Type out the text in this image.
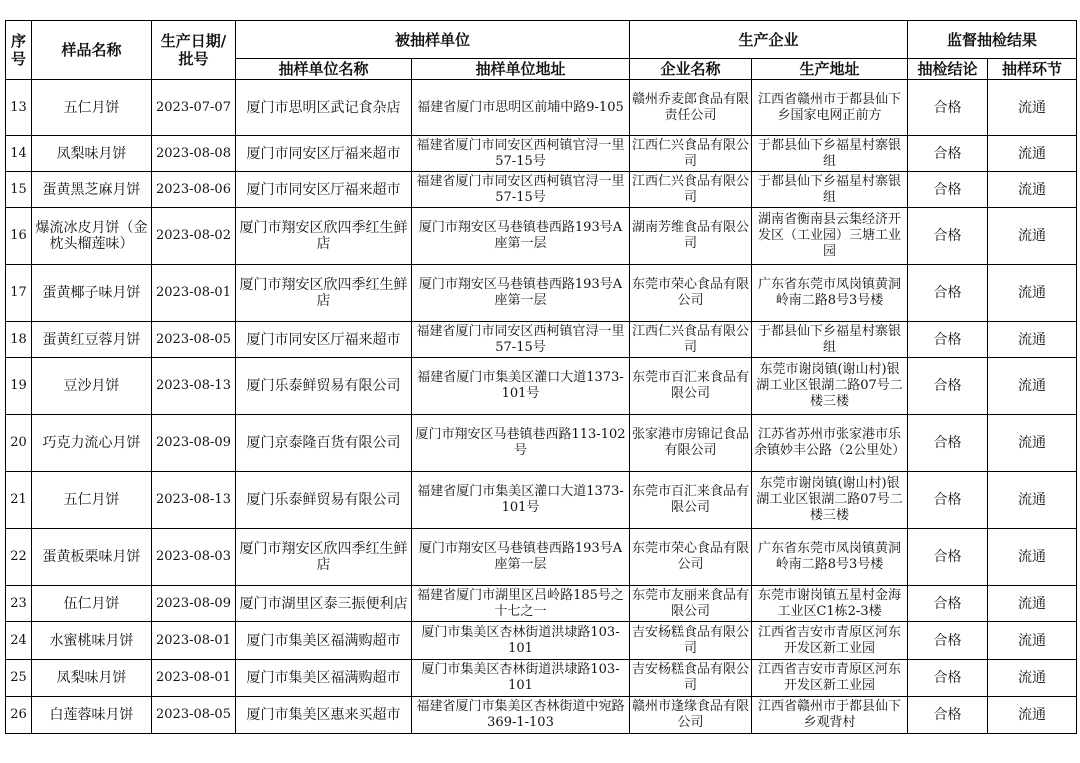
序号	样品名称	生产日期/批号	被抽样单位		生产企业		监督抽检结果	
			抽样单位名称	抽样单位地址	企业名称	生产地址	抽检结论	抽样环节
13	五仁月饼	2023-07-07	厦门市思明区武记食杂店	福建省厦门市思明区前埔中路9-105	赣州乔麦郎食品有限责任公司	江西省赣州市于都县仙下乡国家电网正前方	合格	流通
14	凤梨味月饼	2023-08-08	厦门市同安区厅福来超市	福建省厦门市同安区西柯镇官浔一里57-15号	江西仁兴食品有限公司	于都县仙下乡福星村寨银组	合格	流通
15	蛋黄黑芝麻月饼	2023-08-06	厦门市同安区厅福来超市	福建省厦门市同安区西柯镇官浔一里57-15号	江西仁兴食品有限公司	于都县仙下乡福星村寨银组	合格	流通
16	爆流冰皮月饼（金枕头榴莲味）	2023-08-02	厦门市翔安区欣四季红生鲜店	厦门市翔安区马巷镇巷西路193号A座第一层	湖南芳维食品有限公司	湖南省衡南县云集经济开发区（工业园）三塘工业园	合格	流通
17	蛋黄椰子味月饼	2023-08-01	厦门市翔安区欣四季红生鲜店	厦门市翔安区马巷镇巷西路193号A座第一层	东莞市荣心食品有限公司	广东省东莞市凤岗镇黄洞岭南二路8号3号楼	合格	流通
18	蛋黄红豆蓉月饼	2023-08-05	厦门市同安区厅福来超市	福建省厦门市同安区西柯镇官浔一里57-15号	江西仁兴食品有限公司	于都县仙下乡福星村寨银组	合格	流通
19	豆沙月饼	2023-08-13	厦门乐泰鲜贸易有限公司	福建省厦门市集美区灌口大道1373-101号	东莞市百汇来食品有限公司	东莞市谢岗镇(谢山村)银湖工业区银湖二路07号二楼三楼	合格	流通
20	巧克力流心月饼	2023-08-09	厦门京泰隆百货有限公司	厦门市翔安区马巷镇巷西路113-102号	张家港市房锦记食品有限公司	江苏省苏州市张家港市乐余镇妙丰公路（2公里处）	合格	流通
21	五仁月饼	2023-08-13	厦门乐泰鲜贸易有限公司	福建省厦门市集美区灌口大道1373-101号	东莞市百汇来食品有限公司	东莞市谢岗镇(谢山村)银湖工业区银湖二路07号二楼三楼	合格	流通
22	蛋黄板栗味月饼	2023-08-03	厦门市翔安区欣四季红生鲜店	厦门市翔安区马巷镇巷西路193号A座第一层	东莞市荣心食品有限公司	广东省东莞市凤岗镇黄洞岭南二路8号3号楼	合格	流通
23	伍仁月饼	2023-08-09	厦门市湖里区泰三振便利店	福建省厦门市湖里区吕岭路185号之十七之一	东莞市友丽来食品有限公司	东莞市谢岗镇五星村金海工业区C1栋2-3楼	合格	流通
24	水蜜桃味月饼	2023-08-01	厦门市集美区福满购超市	厦门市集美区杏林街道洪埭路103-101	吉安杨糕食品有限公司	江西省吉安市青原区河东开发区新工业园	合格	流通
25	凤梨味月饼	2023-08-01	厦门市集美区福满购超市	厦门市集美区杏林街道洪埭路103-101	吉安杨糕食品有限公司	江西省吉安市青原区河东开发区新工业园	合格	流通
26	白莲蓉味月饼	2023-08-05	厦门市集美区惠来买超市	福建省厦门市集美区杏林街道中宛路369-1-103	赣州市逢缘食品有限公司	江西省赣州市于都县仙下乡观背村	合格	流通
